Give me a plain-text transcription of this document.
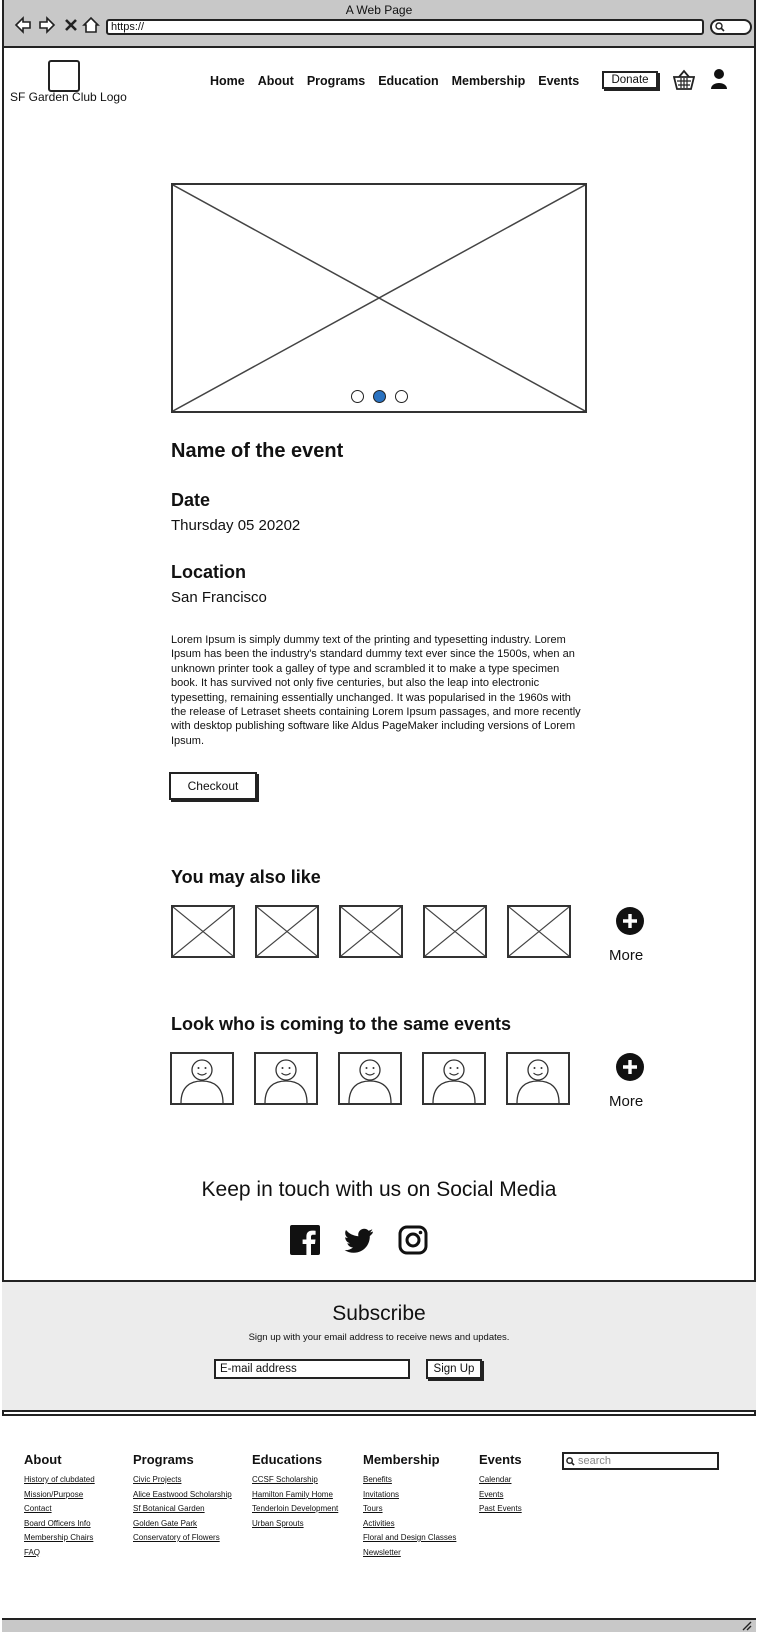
A Web Page
https://
SF Garden Club Logo
Home About Programs Education Membership Events	Donate
Name of the event
Date
Thursday 05 20202
Location
San Francisco

Lorem Ipsum is simply dummy text of the printing and typesetting industry. Lorem Ipsum has been the industry's standard dummy text ever since the 1500s, when an unknown printer took a galley of type and scrambled it to make a type specimen book. It has survived not only five centuries, but also the leap into electronic typesetting, remaining essentially unchanged. It was popularised in the 1960s with the release of Letraset sheets containing Lorem Ipsum passages, and more recently with desktop publishing software like Aldus PageMaker including versions of Lorem Ipsum.

Checkout
You may also like
More
Look who is coming to the same events
More
Keep in touch with us on Social Media
Subscribe
Sign up with your email address to receive news and updates.
E-mail address	Sign Up
About
History of clubdated
Mission/Purpose
Contact
Board Officers Info
Membership Chairs
FAQ
Programs
Civic Projects
Alice Eastwood Scholarship
Sf Botanical Garden
Golden Gate Park
Conservatory of Flowers
Educations
CCSF Scholarship
Hamilton Family Home
Tenderloin Development
Urban Sprouts
Membership
Benefits
Invitations
Tours
Activities
Floral and Design Classes
Newsletter
Events
Calendar
Events
Past Events
search
